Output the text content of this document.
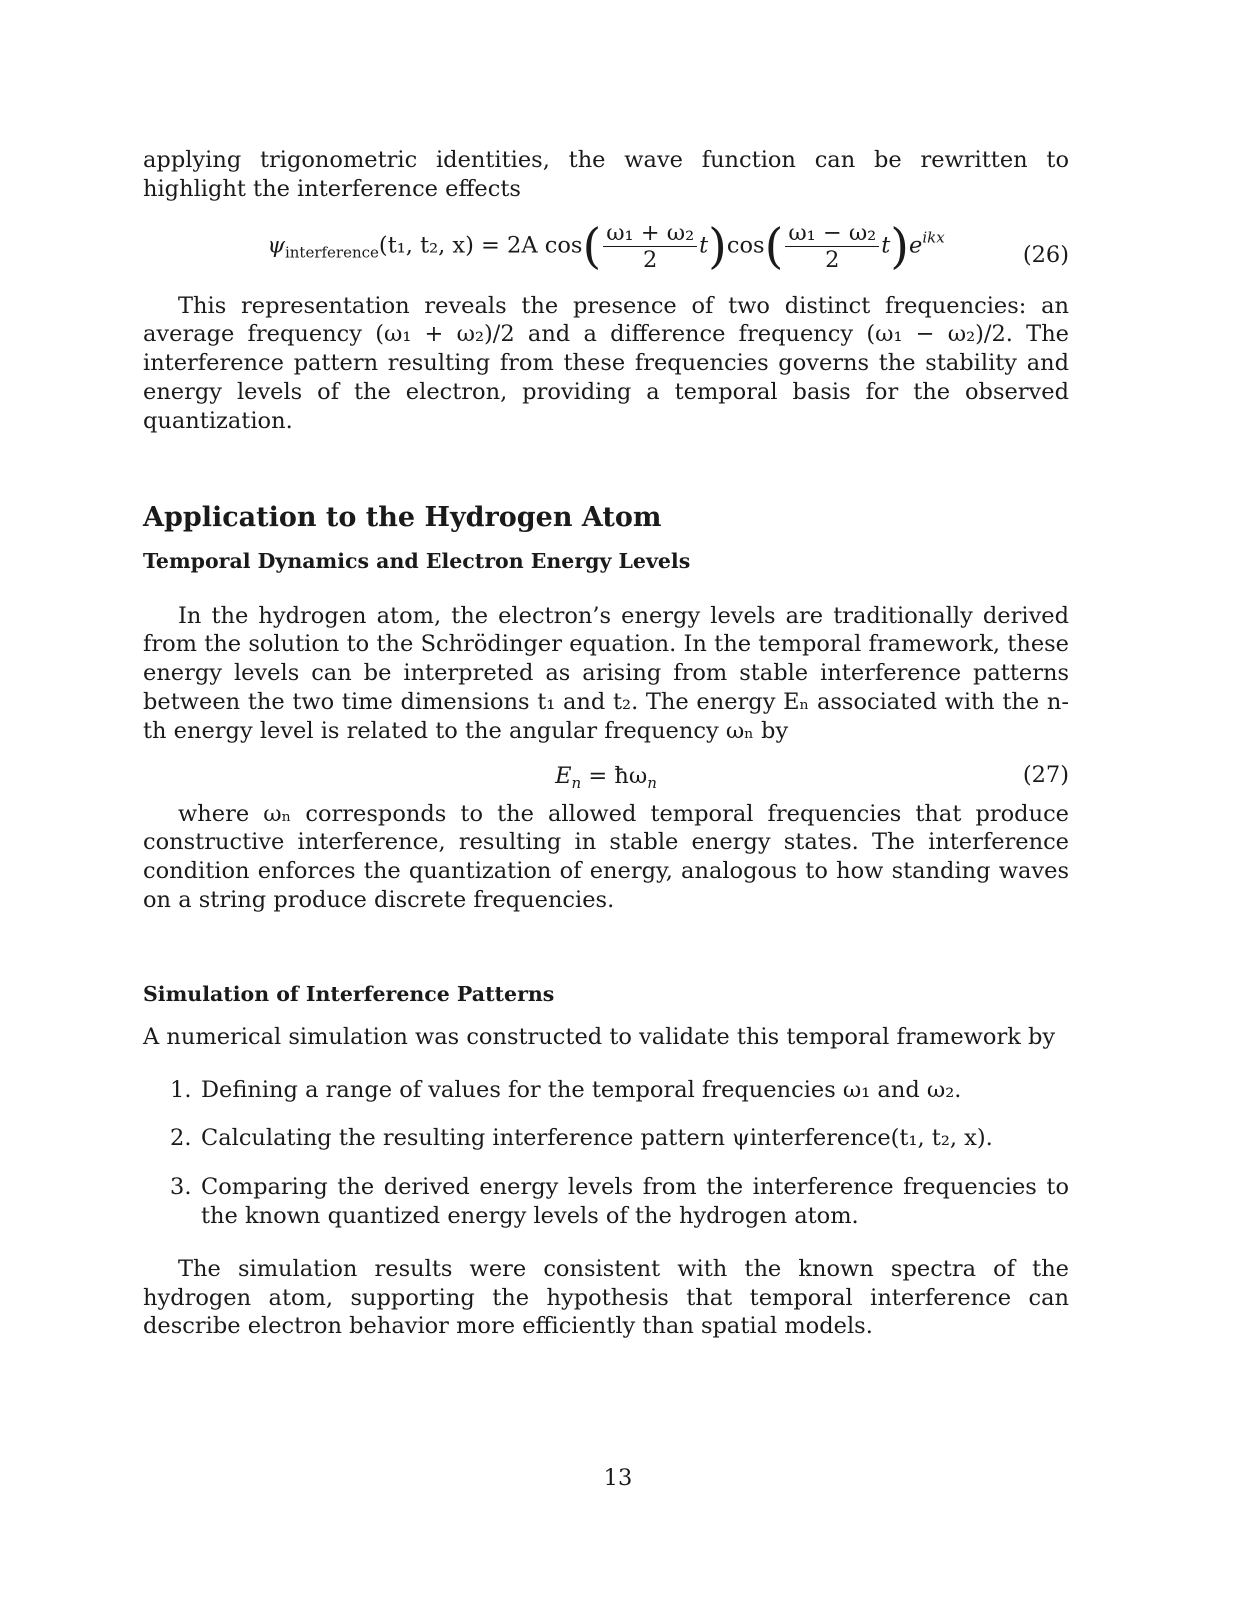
applying trigonometric identities, the wave function can be rewritten to highlight the interference effects

$\psi_{interference}(t_1$, t₂, x) = 2A $\cos( \frac{\text{ω₁ + ω₂}}{2} t)\cos( \frac{\text{ω₁ − ω₂}}{2} t)e^{ikx}$
(26)

This representation reveals the presence of two distinct frequencies: an average frequency (ω₁ + ω₂)/2 and a difference frequency (ω₁ − ω₂)/2. The interference pattern resulting from these frequencies governs the stability and energy levels of the electron, providing a temporal basis for the observed quantization.

Application to the Hydrogen Atom
Temporal Dynamics and Electron Energy Levels

In the hydrogen atom, the electron’s energy levels are traditionally derived from the solution to the Schrödinger equation. In the temporal framework, these energy levels can be interpreted as arising from stable interference patterns between the two time dimensions t₁ and t₂. The energy Eₙ associated with the n-th energy level is related to the angular frequency ωₙ by

$E_n$ = $ħ\omega_n$	(27)

where ωₙ corresponds to the allowed temporal frequencies that produce constructive interference, resulting in stable energy states. The interference condition enforces the quantization of energy, analogous to how standing waves on a string produce discrete frequencies.

Simulation of Interference Patterns

A numerical simulation was constructed to validate this temporal framework by

1. Defining a range of values for the temporal frequencies ω₁ and ω₂.
2. Calculating the resulting interference pattern ψinterference(t₁, t₂, x).
3. Comparing the derived energy levels from the interference frequencies to the known quantized energy levels of the hydrogen atom.

The simulation results were consistent with the known spectra of the hydrogen atom, supporting the hypothesis that temporal interference can describe electron behavior more efficiently than spatial models.

13
